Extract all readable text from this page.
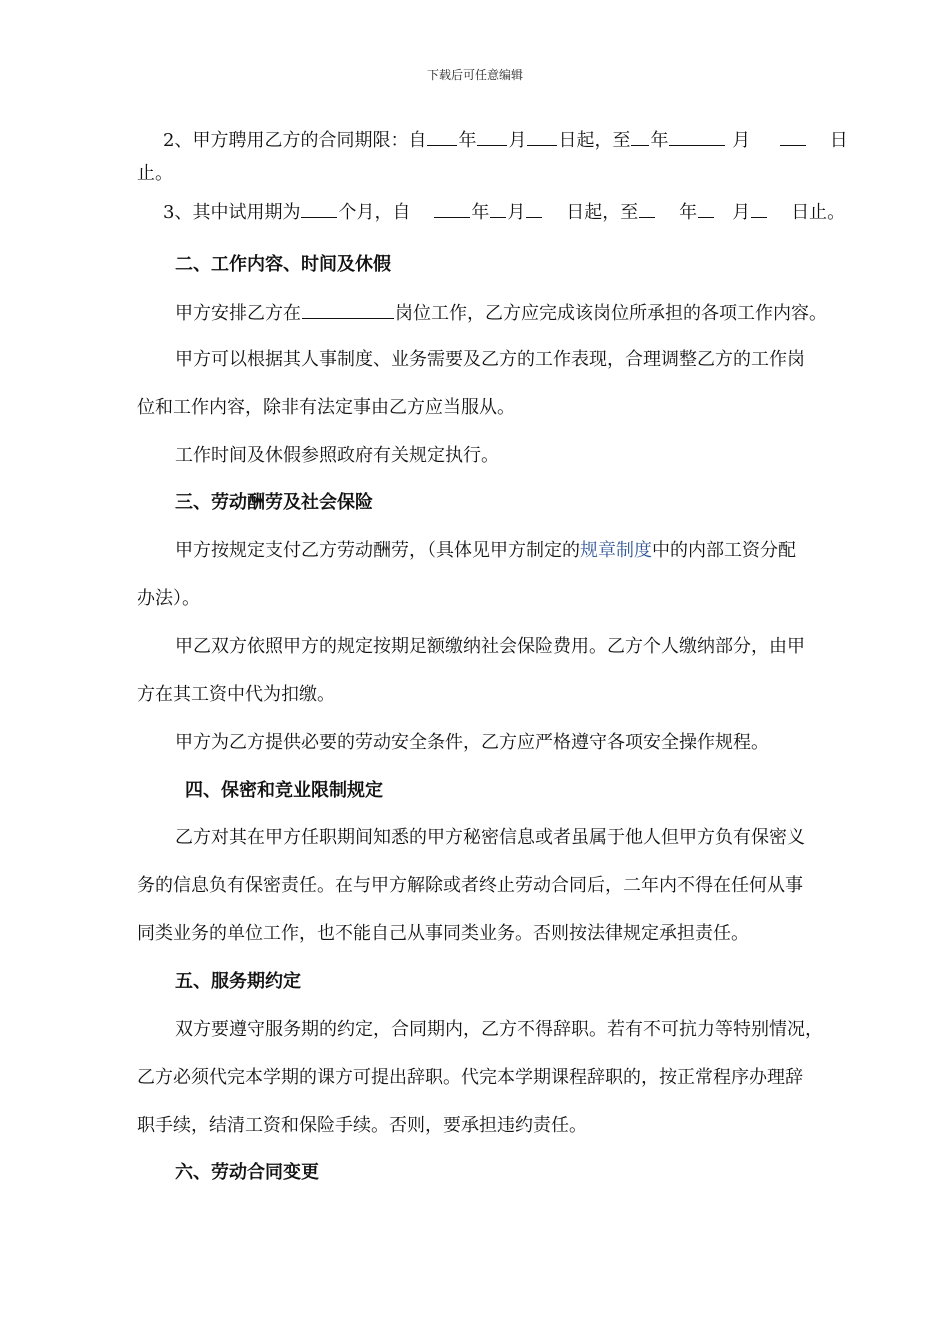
下载后可任意编辑
2、甲方聘用乙方的合同期限：自 年 月 日起，至 年	月	日
止。
3、其中试用期为 个月，自	年 月 日起，至 年 月 日止。
二、工作内容、时间及休假
甲方安排乙方在	岗位工作，乙方应完成该岗位所承担的各项工作内容。
甲方可以根据其人事制度、业务需要及乙方的工作表现，合理调整乙方的工作岗
位和工作内容，除非有法定事由乙方应当服从。
工作时间及休假参照政府有关规定执行。
三、劳动酬劳及社会保险
甲方按规定支付乙方劳动酬劳，（具体见甲方制定的规章制度中的内部工资分配
办法）。
甲乙双方依照甲方的规定按期足额缴纳社会保险费用。乙方个人缴纳部分，由甲
方在其工资中代为扣缴。
甲方为乙方提供必要的劳动安全条件，乙方应严格遵守各项安全操作规程。
四、保密和竞业限制规定
乙方对其在甲方任职期间知悉的甲方秘密信息或者虽属于他人但甲方负有保密义
务的信息负有保密责任。在与甲方解除或者终止劳动合同后，二年内不得在任何从事
同类业务的单位工作，也不能自己从事同类业务。否则按法律规定承担责任。
五、服务期约定
双方要遵守服务期的约定，合同期内，乙方不得辞职。若有不可抗力等特别情况，
乙方必须代完本学期的课方可提出辞职。代完本学期课程辞职的，按正常程序办理辞
职手续，结清工资和保险手续。否则，要承担违约责任。
六、劳动合同变更
